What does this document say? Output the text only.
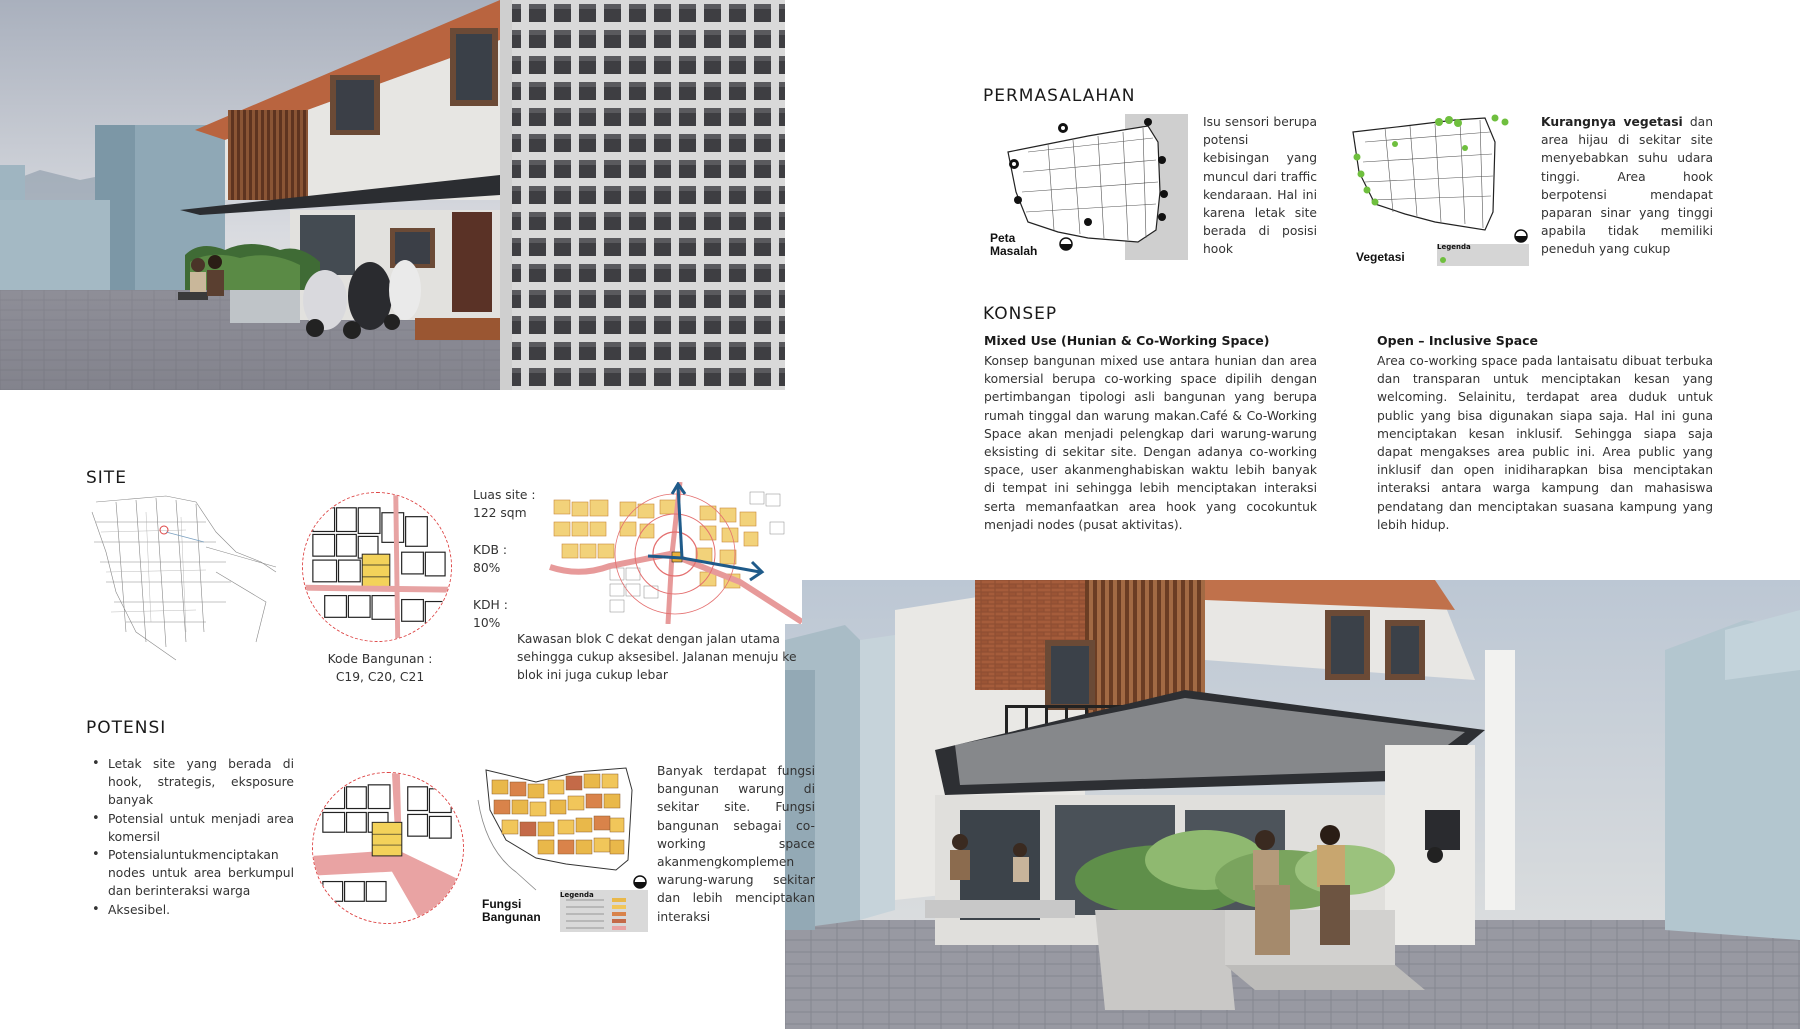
PERMASALAHAN
Peta Masalah
Isu sensori berupa potensi kebisingan yang muncul dari traffic kendaraan. Hal ini karena letak site berada di posisi hook
Vegetasi
Legenda
Kurangnya vegetasi dan area hijau di sekitar site menyebabkan suhu udara tinggi. Area hook berpotensi mendapat paparan sinar yang tinggi apabila tidak memiliki peneduh yang cukup
KONSEP
Mixed Use (Hunian & Co-Working Space)
Konsep bangunan mixed use antara hunian dan area komersial berupa co-working space dipilih dengan pertimbangan tipologi asli bangunan yang berupa rumah tinggal dan warung makan.Café & Co-Working Space akan menjadi pelengkap dari warung-warung eksisting di sekitar site. Dengan adanya co-working space, user akanmenghabiskan waktu lebih banyak di tempat ini sehingga lebih menciptakan interaksi serta memanfaatkan area hook yang cocokuntuk menjadi nodes (pusat aktivitas).
Open – Inclusive Space
Area co-working space pada lantaisatu dibuat terbuka dan transparan untuk menciptakan kesan yang welcoming. Selainitu, terdapat area duduk untuk public yang bisa digunakan siapa saja. Hal ini guna menciptakan kesan inklusif. Sehingga siapa saja dapat mengakses area public ini. Area public yang inklusif dan open inidiharapkan bisa menciptakan interaksi antara warga kampung dan mahasiswa pendatang dan menciptakan suasana kampung yang lebih hidup.
SITE
Luas site :
122 sqm
KDB :
80%
KDH :
10%
Kode Bangunan :
C19, C20, C21
Kawasan blok C dekat dengan jalan utama sehingga cukup aksesibel. Jalanan menuju ke blok ini juga cukup lebar
POTENSI
• Letak site yang berada di hook, strategis, eksposure banyak
• Potensial untuk menjadi area komersil
• Potensialuntukmenciptakan nodes untuk area berkumpul dan berinteraksi warga
• Aksesibel.	Fungsi Bangunan
Legenda
Banyak terdapat fungsi bangunan warung di sekitar site. Fungsi bangunan sebagai co-working space akanmengkomplemen warung-warung sekitar dan lebih menciptakan interaksi
